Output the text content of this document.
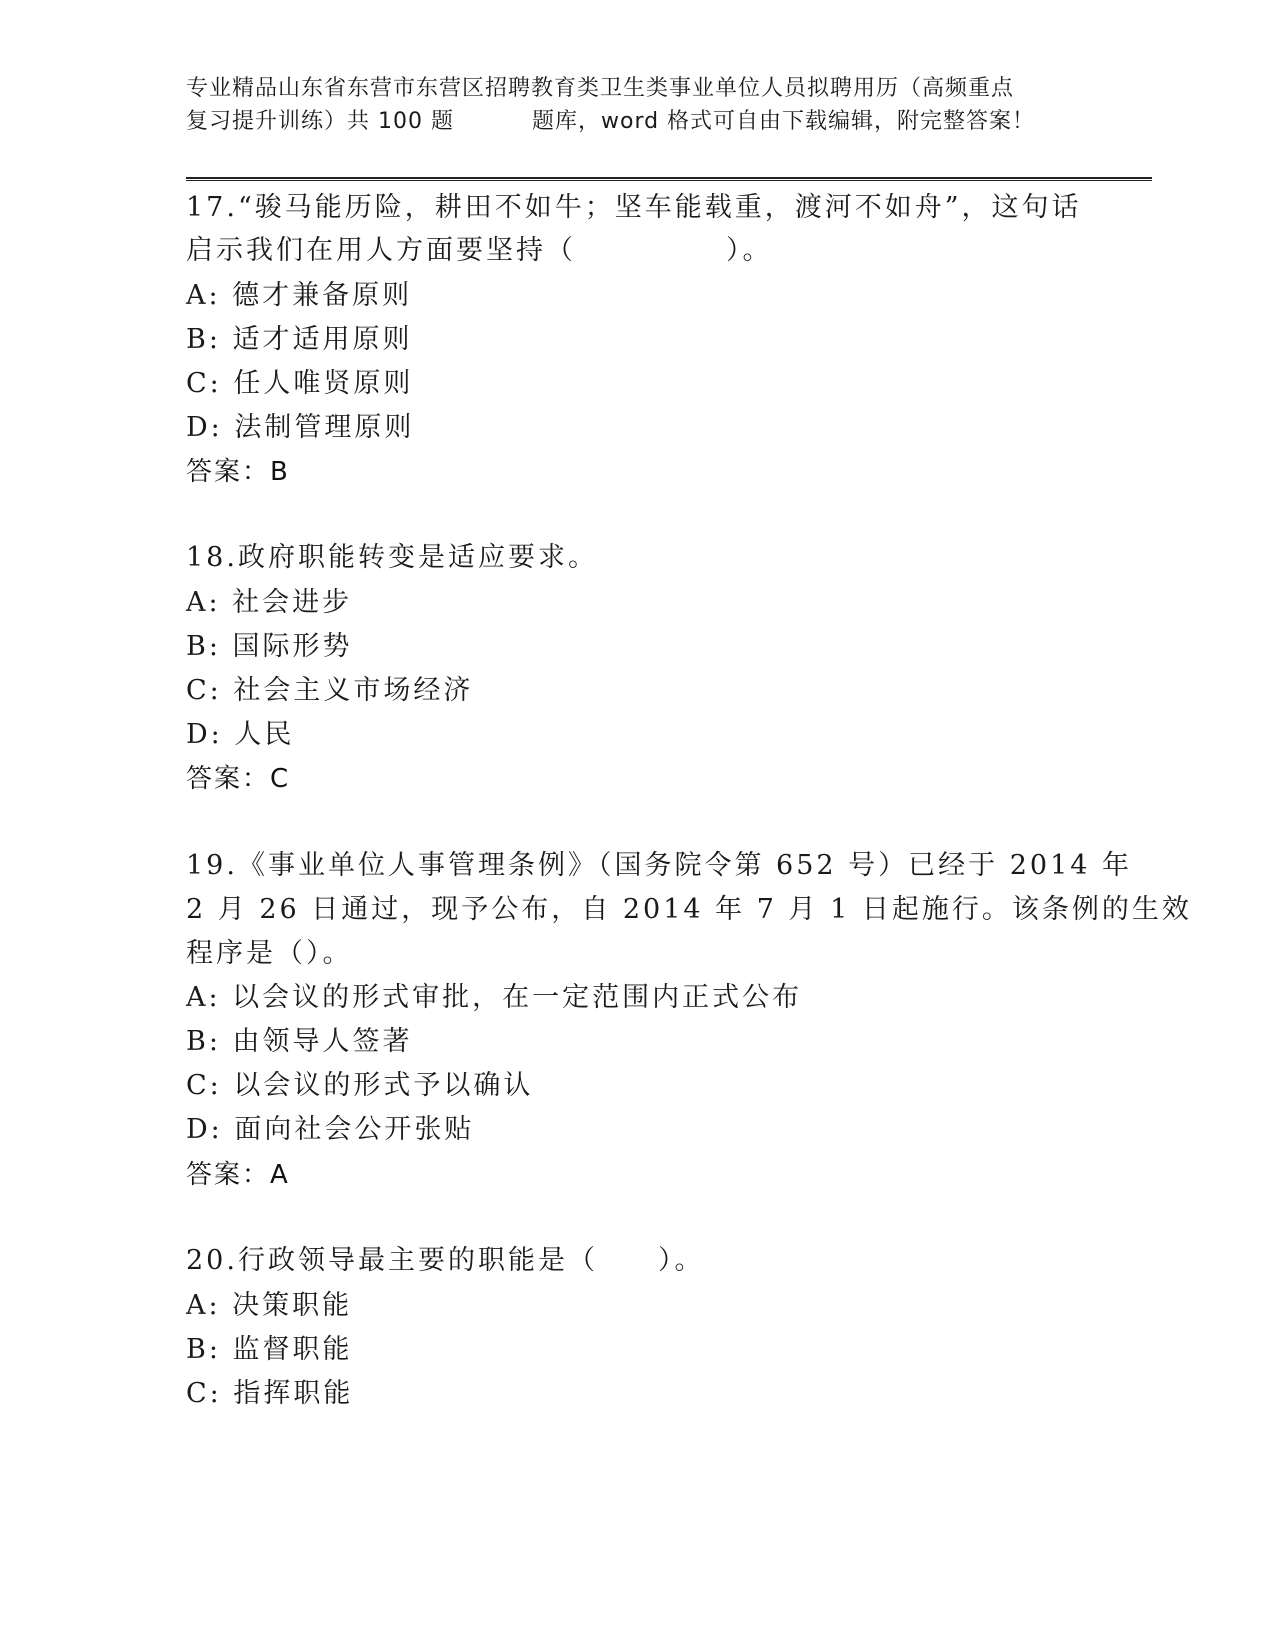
专业精品山东省东营市东营区招聘教育类卫生类事业单位人员拟聘用历（高频重点
复习提升训练）共 100 题	题库，word 格式可自由下载编辑，附完整答案！
17.“骏马能历险，耕田不如牛；坚车能载重，渡河不如舟”，这句话
启示我们在用人方面要坚持（　　　　　）。
A: 德才兼备原则
B: 适才适用原则
C: 任人唯贤原则
D: 法制管理原则
答案：B
18.政府职能转变是适应要求。
A: 社会进步
B: 国际形势
C: 社会主义市场经济
D: 人民
答案：C
19.《事业单位人事管理条例》（国务院令第 652 号）已经于 2014 年
2 月 26 日通过，现予公布，自 2014 年 7 月 1 日起施行。该条例的生效
程序是（）。
A: 以会议的形式审批，在一定范围内正式公布
B: 由领导人签著
C: 以会议的形式予以确认
D: 面向社会公开张贴
答案：A
20.行政领导最主要的职能是（　　）。
A: 决策职能
B: 监督职能
C: 指挥职能
